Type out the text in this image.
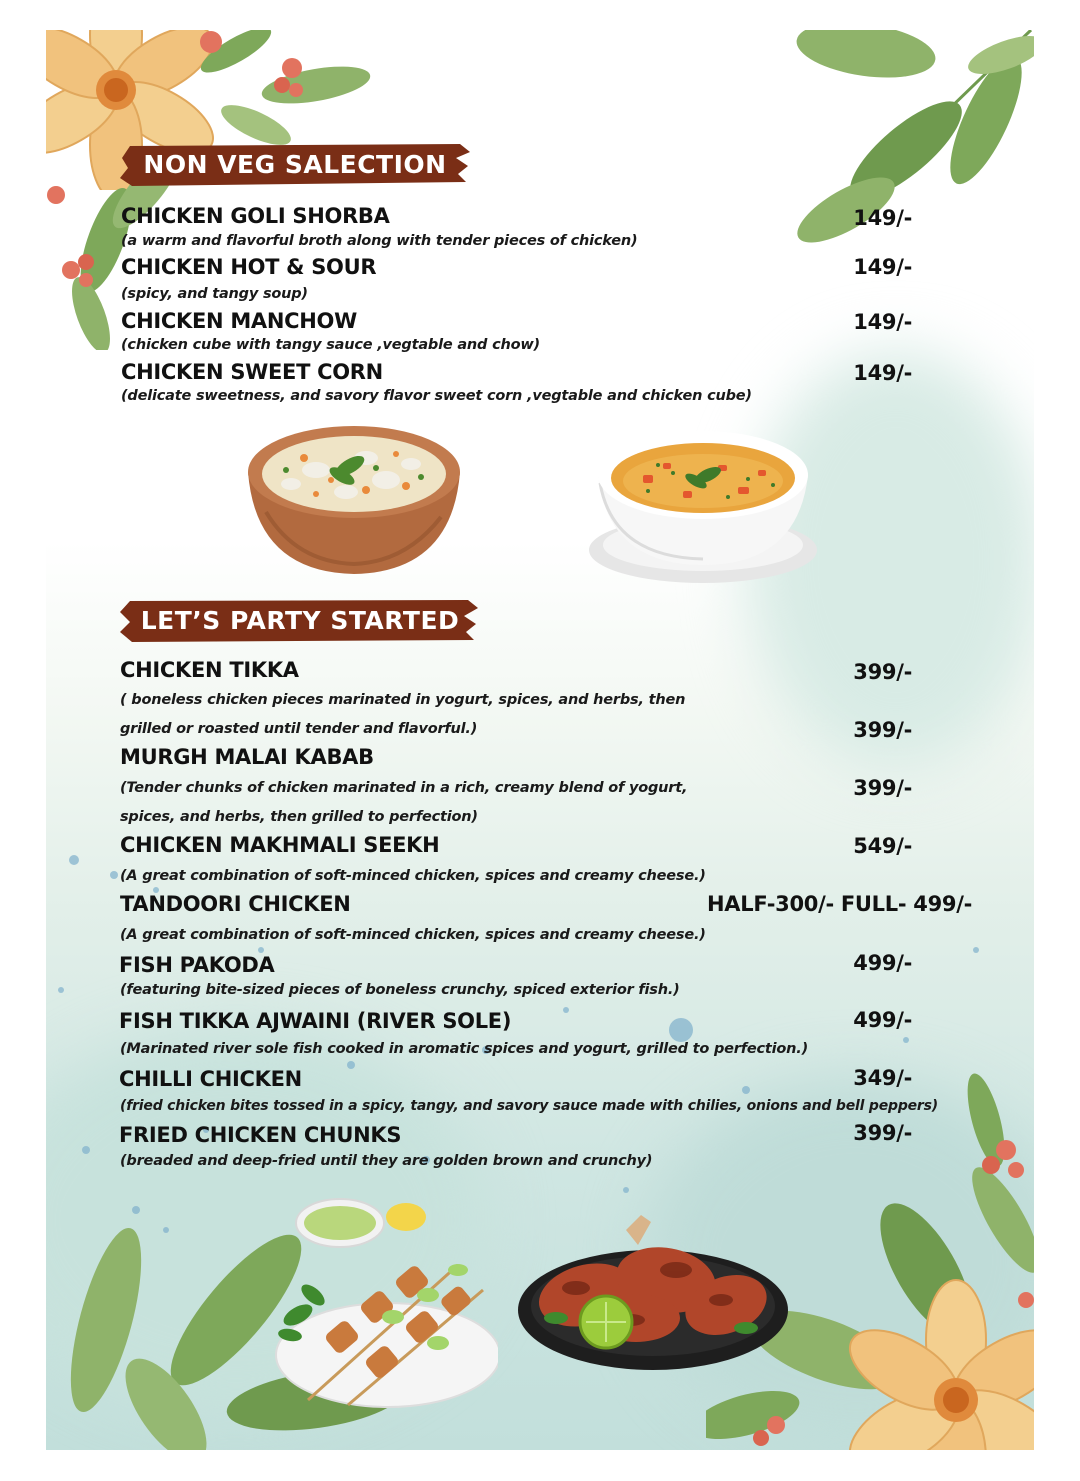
NON VEG SALECTION
CHICKEN GOLI SHORBA
(a warm and flavorful broth along with tender pieces of chicken)
149/-
CHICKEN HOT & SOUR
(spicy, and tangy soup)
149/-
CHICKEN MANCHOW
(chicken cube with tangy sauce ,vegtable and chow)
149/-
CHICKEN SWEET CORN
(delicate sweetness, and savory flavor sweet corn ,vegtable and chicken cube)
149/-
LET’S PARTY STARTED
CHICKEN TIKKA
( boneless chicken pieces marinated in yogurt, spices, and herbs, then
grilled or roasted until tender and flavorful.)
399/-
399/-
MURGH MALAI KABAB
(Tender chunks of chicken marinated in a rich, creamy blend of yogurt,
spices, and herbs, then grilled to perfection)
399/-
CHICKEN MAKHMALI SEEKH
(A great combination of soft-minced chicken, spices and creamy cheese.)
549/-
TANDOORI CHICKEN
(A great combination of soft-minced chicken, spices and creamy cheese.)
HALF-300/- FULL- 499/-
FISH PAKODA
(featuring bite-sized pieces of boneless crunchy, spiced exterior fish.)
499/-
FISH TIKKA AJWAINI (RIVER SOLE)
(Marinated river sole fish cooked in aromatic spices and yogurt, grilled to perfection.)
499/-
CHILLI CHICKEN
(fried chicken bites tossed in a spicy, tangy, and savory sauce made with chilies, onions and bell peppers)
349/-
FRIED CHICKEN CHUNKS
(breaded and deep-fried until they are golden brown and crunchy)
399/-
